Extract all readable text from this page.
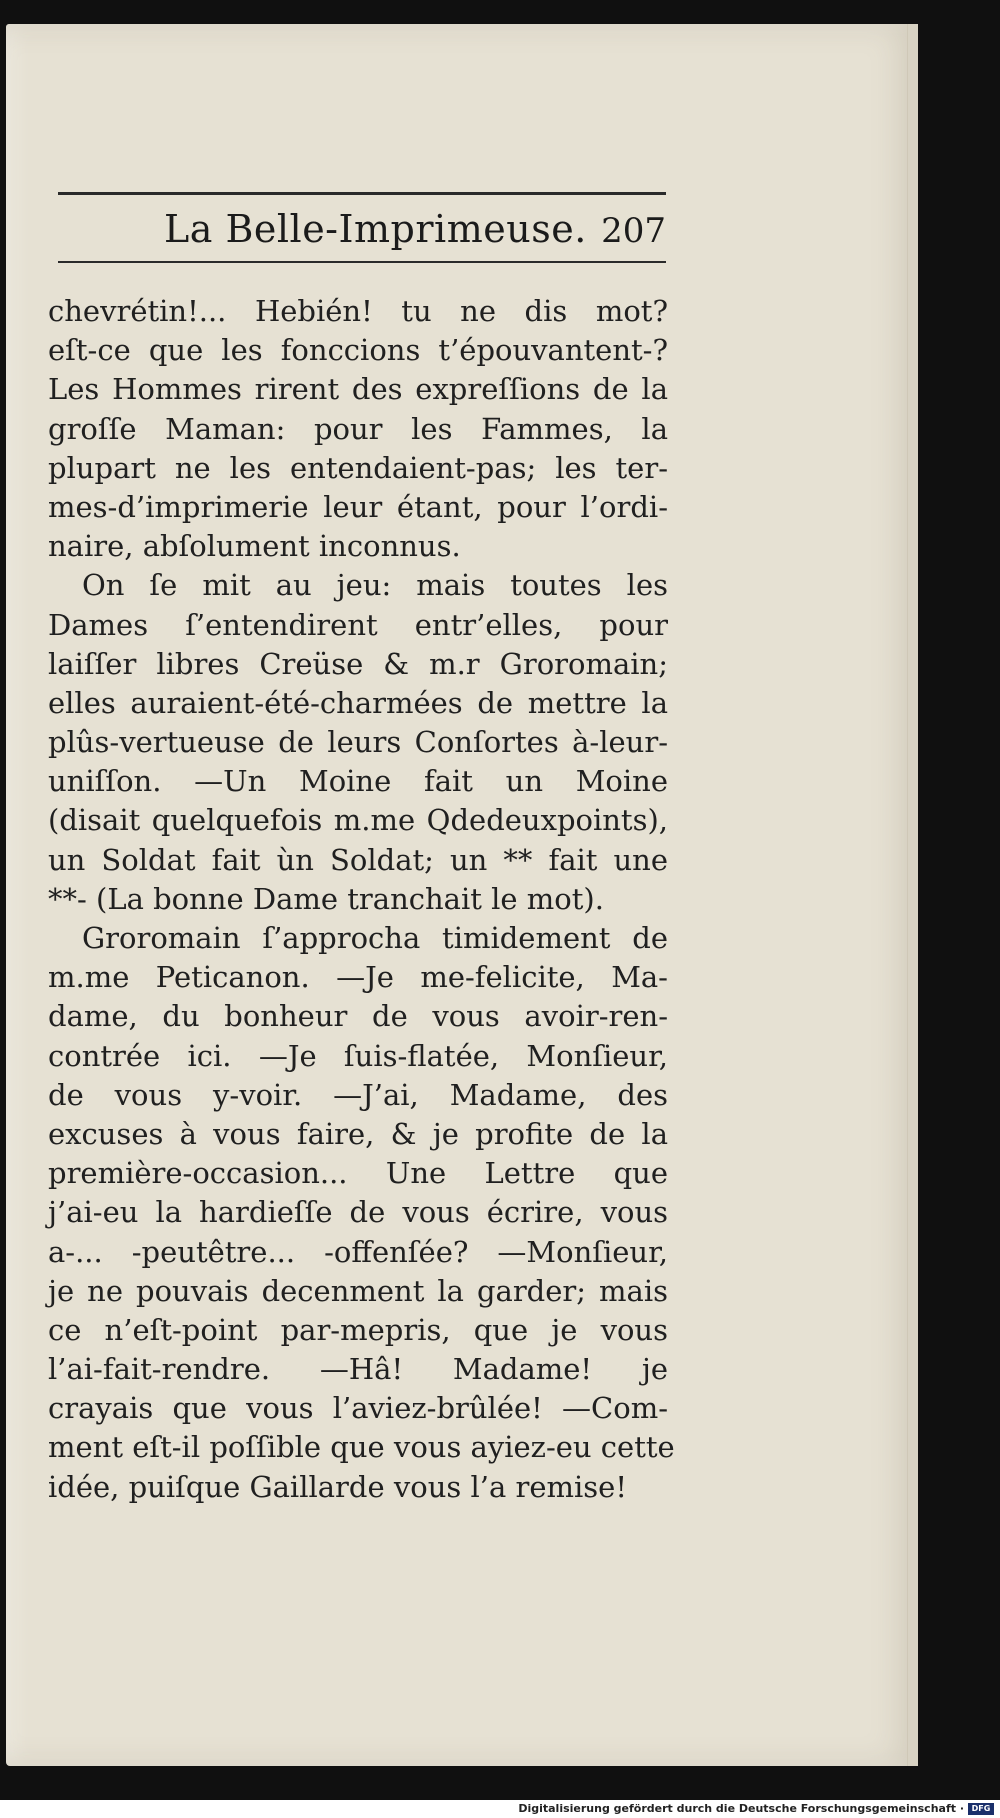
La Belle-Imprimeuse. 207
chevrétin!... Hebién! tu ne dis mot?
eſt-ce que les fonccions t’épouvantent-?
Les Hommes rirent des expreſſions de la
groſſe Maman: pour les Fammes, la
plupart ne les entendaient-pas; les ter-
mes-d’imprimerie leur étant, pour l’ordi-
naire, abſolument inconnus.
On ſe mit au jeu: mais toutes les
Dames ſ’entendirent entr’elles, pour
laiſſer libres Creüse & m.r Groromain;
elles auraient-été-charmées de mettre la
plûs-vertueuse de leurs Conſortes à-leur-
uniſſon. —Un Moine fait un Moine
(disait quelquefois m.me Qdedeuxpoints),
un Soldat fait ùn Soldat; un ** fait une
**- (La bonne Dame tranchait le mot).
Groromain ſ’approcha timidement de
m.me Peticanon. —Je me-felicite, Ma-
dame, du bonheur de vous avoir-ren-
contrée ici. —Je ſuis-flatée, Monſieur,
de vous y-voir. —J’ai, Madame, des
excuses à vous faire, & je profite de la
première-occasion... Une Lettre que
j’ai-eu la hardieſſe de vous écrire, vous
a-... -peutêtre... -offenſée? —Monſieur,
je ne pouvais decenment la garder; mais
ce n’eſt-point par-mepris, que je vous
l’ai-fait-rendre. —Hâ! Madame! je
crayais que vous l’aviez-brûlée! —Com-
ment eſt-il poſſible que vous ayiez-eu cette
idée, puiſque Gaillarde vous l’a remise!
Digitalisierung gefördert durch die Deutsche Forschungsgemeinschaft · DFG
